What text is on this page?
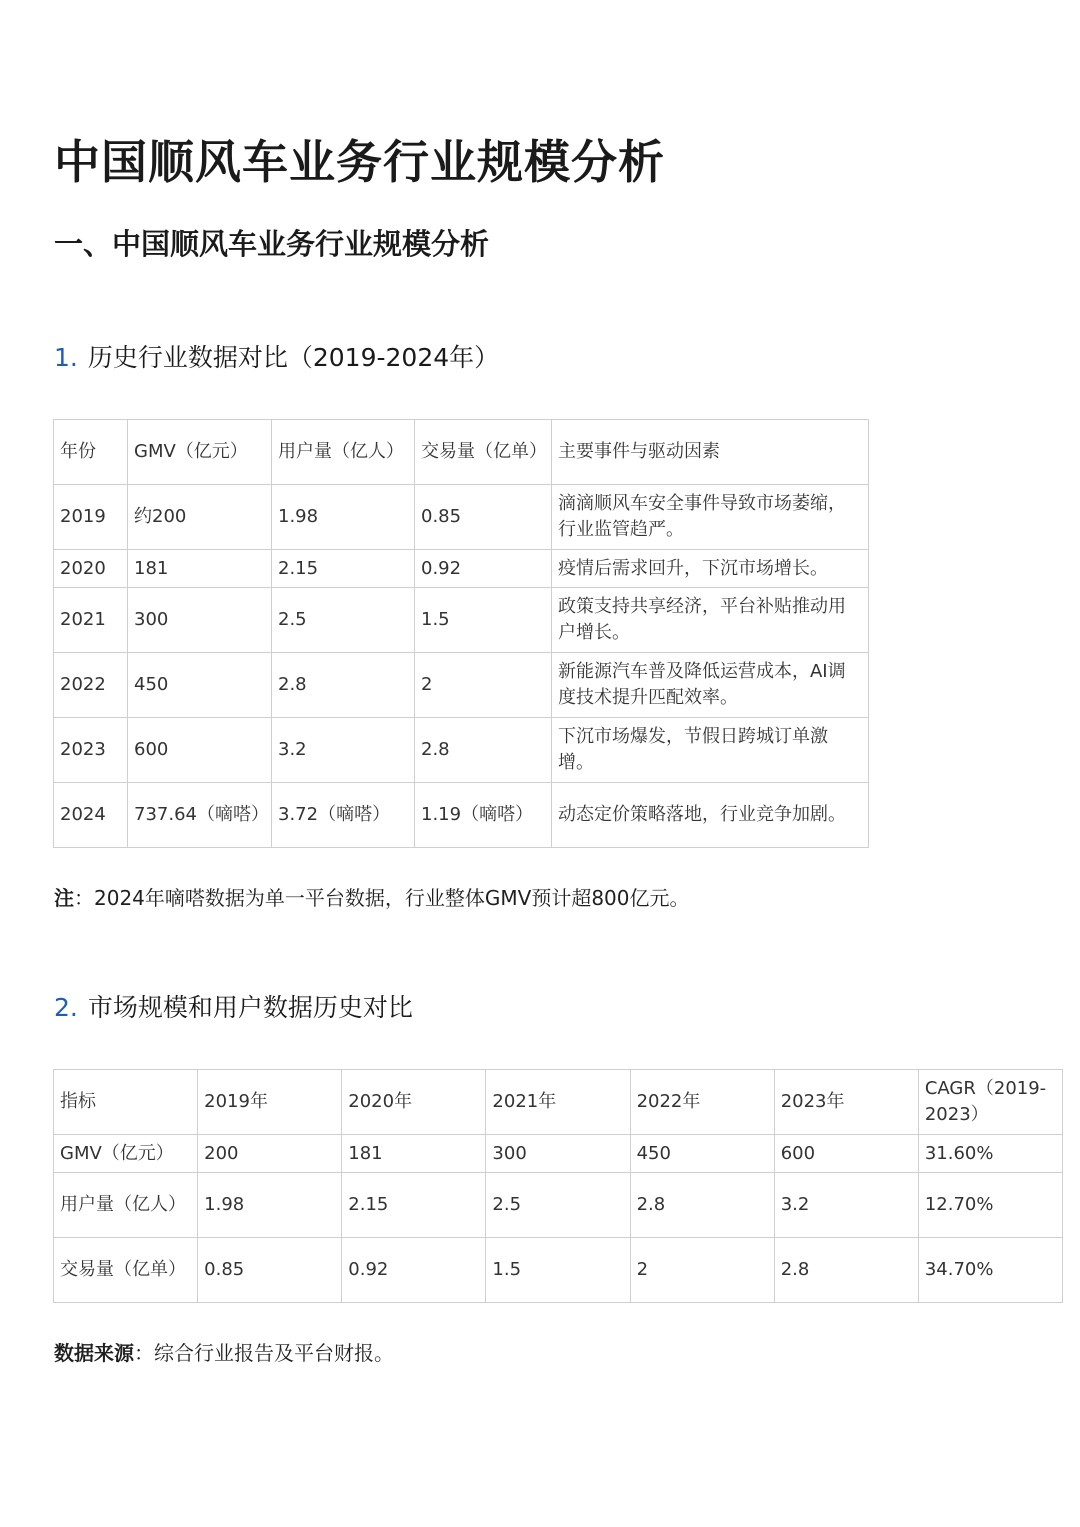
中国顺风车业务行业规模分析
一、中国顺风车业务行业规模分析
1. 历史行业数据对比（2019-2024年）
年份	GMV（亿元）	用户量（亿人）	交易量（亿单）	主要事件与驱动因素
2019	约200	1.98	0.85	滴滴顺风车安全事件导致市场萎缩，行业监管趋严。
2020	181	2.15	0.92	疫情后需求回升，下沉市场增长。
2021	300	2.5	1.5	政策支持共享经济，平台补贴推动用户增长。
2022	450	2.8	2	新能源汽车普及降低运营成本，AI调度技术提升匹配效率。
2023	600	3.2	2.8	下沉市场爆发，节假日跨城订单激增。
2024	737.64（嘀嗒）	3.72（嘀嗒）	1.19（嘀嗒）	动态定价策略落地，行业竞争加剧。

注：2024年嘀嗒数据为单一平台数据，行业整体GMV预计超800亿元。

2. 市场规模和用户数据历史对比
指标	2019年	2020年	2021年	2022年	2023年	CAGR（2019-2023）
GMV（亿元）	200	181	300	450	600	31.60%
用户量（亿人）	1.98	2.15	2.5	2.8	3.2	12.70%
交易量（亿单）	0.85	0.92	1.5	2	2.8	34.70%

数据来源：综合行业报告及平台财报。
